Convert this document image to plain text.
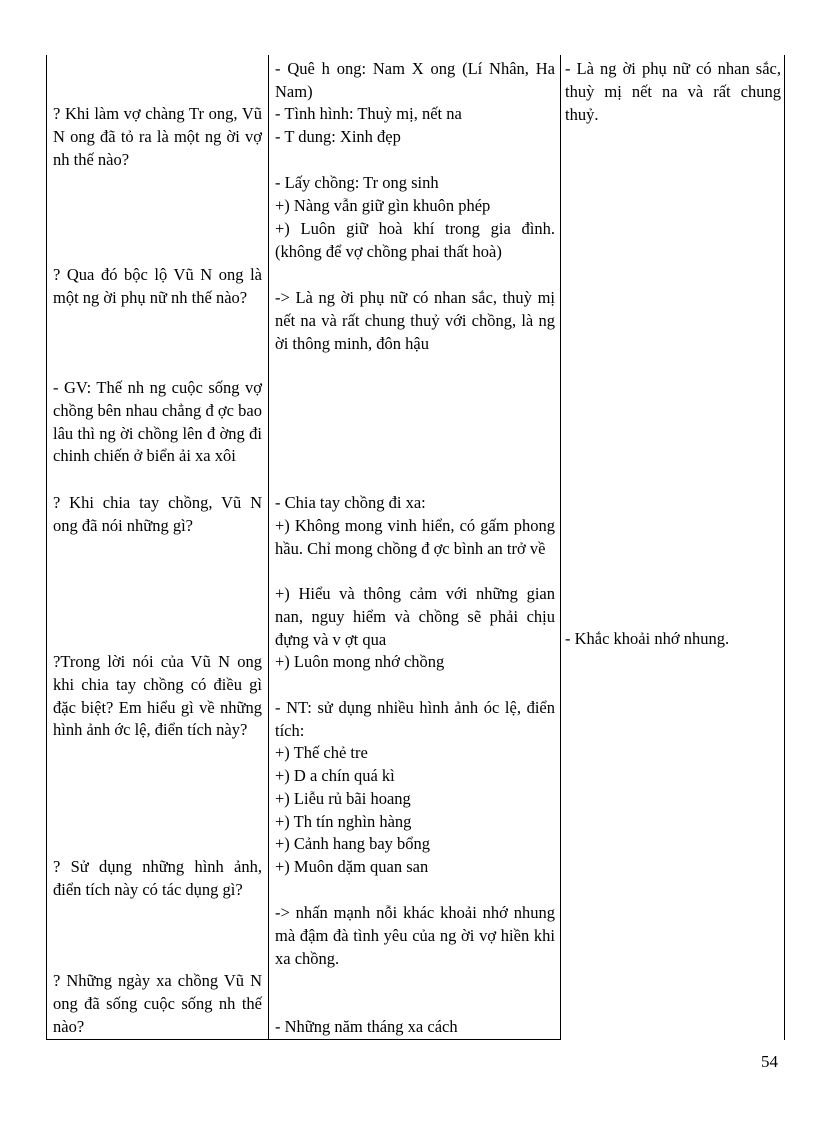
? Khi làm vợ chàng Tr ong, Vũ N ong đã tỏ ra là một ng ời vợ nh thế nào?

? Qua đó bộc lộ Vũ N ong là một ng ời phụ nữ nh thế nào?

- GV: Thế nh ng cuộc sống vợ chồng bên nhau chẳng đ ợc bao lâu thì ng ời chồng lên đ ờng đi chinh chiến ở biển ải xa xôi

? Khi chia tay chồng, Vũ N ong đã nói những gì?

?Trong lời nói của Vũ N ong khi chia tay chồng có điều gì đặc biệt? Em hiểu gì về những hình ảnh ớc lệ, điển tích này?

? Sử dụng những hình ảnh, điển tích này có tác dụng gì?

? Những ngày xa chồng Vũ N ong đã sống cuộc sống nh thế nào?

- Quê h ong: Nam X ong (Lí Nhân, Ha Nam)

- Tình hình: Thuỳ mị, nết na

- T dung: Xinh đẹp

- Lấy chồng: Tr ong sinh

+) Nàng vẫn giữ gìn khuôn phép

+) Luôn giữ hoà khí trong gia đình. (không để vợ chồng phai thất hoà)

-> Là ng ời phụ nữ có nhan sắc, thuỳ mị nết na và rất chung thuỷ với chồng, là ng ời thông minh, đôn hậu

- Chia tay chồng đi xa:

+) Không mong vinh hiển, có gấm phong hầu. Chỉ mong chồng đ ợc bình an trở về

+) Hiểu và thông cảm với những gian nan, nguy hiểm và chồng sẽ phải chịu đựng và v ợt qua

+) Luôn mong nhớ chồng

- NT: sử dụng nhiều hình ảnh óc lệ, điển tích:

+) Thế chẻ tre

+) D a chín quá kì

+) Liễu rủ bãi hoang

+) Th tín nghìn hàng

+) Cảnh hang bay bổng

+) Muôn dặm quan san

-> nhấn mạnh nỗi khác khoải nhớ nhung mà đậm đà tình yêu của ng ời vợ hiền khi xa chồng.

- Những năm tháng xa cách

- Là ng ời phụ nữ có nhan sắc, thuỳ mị nết na và rất chung thuỷ.

- Khắc khoải nhớ nhung.

54
